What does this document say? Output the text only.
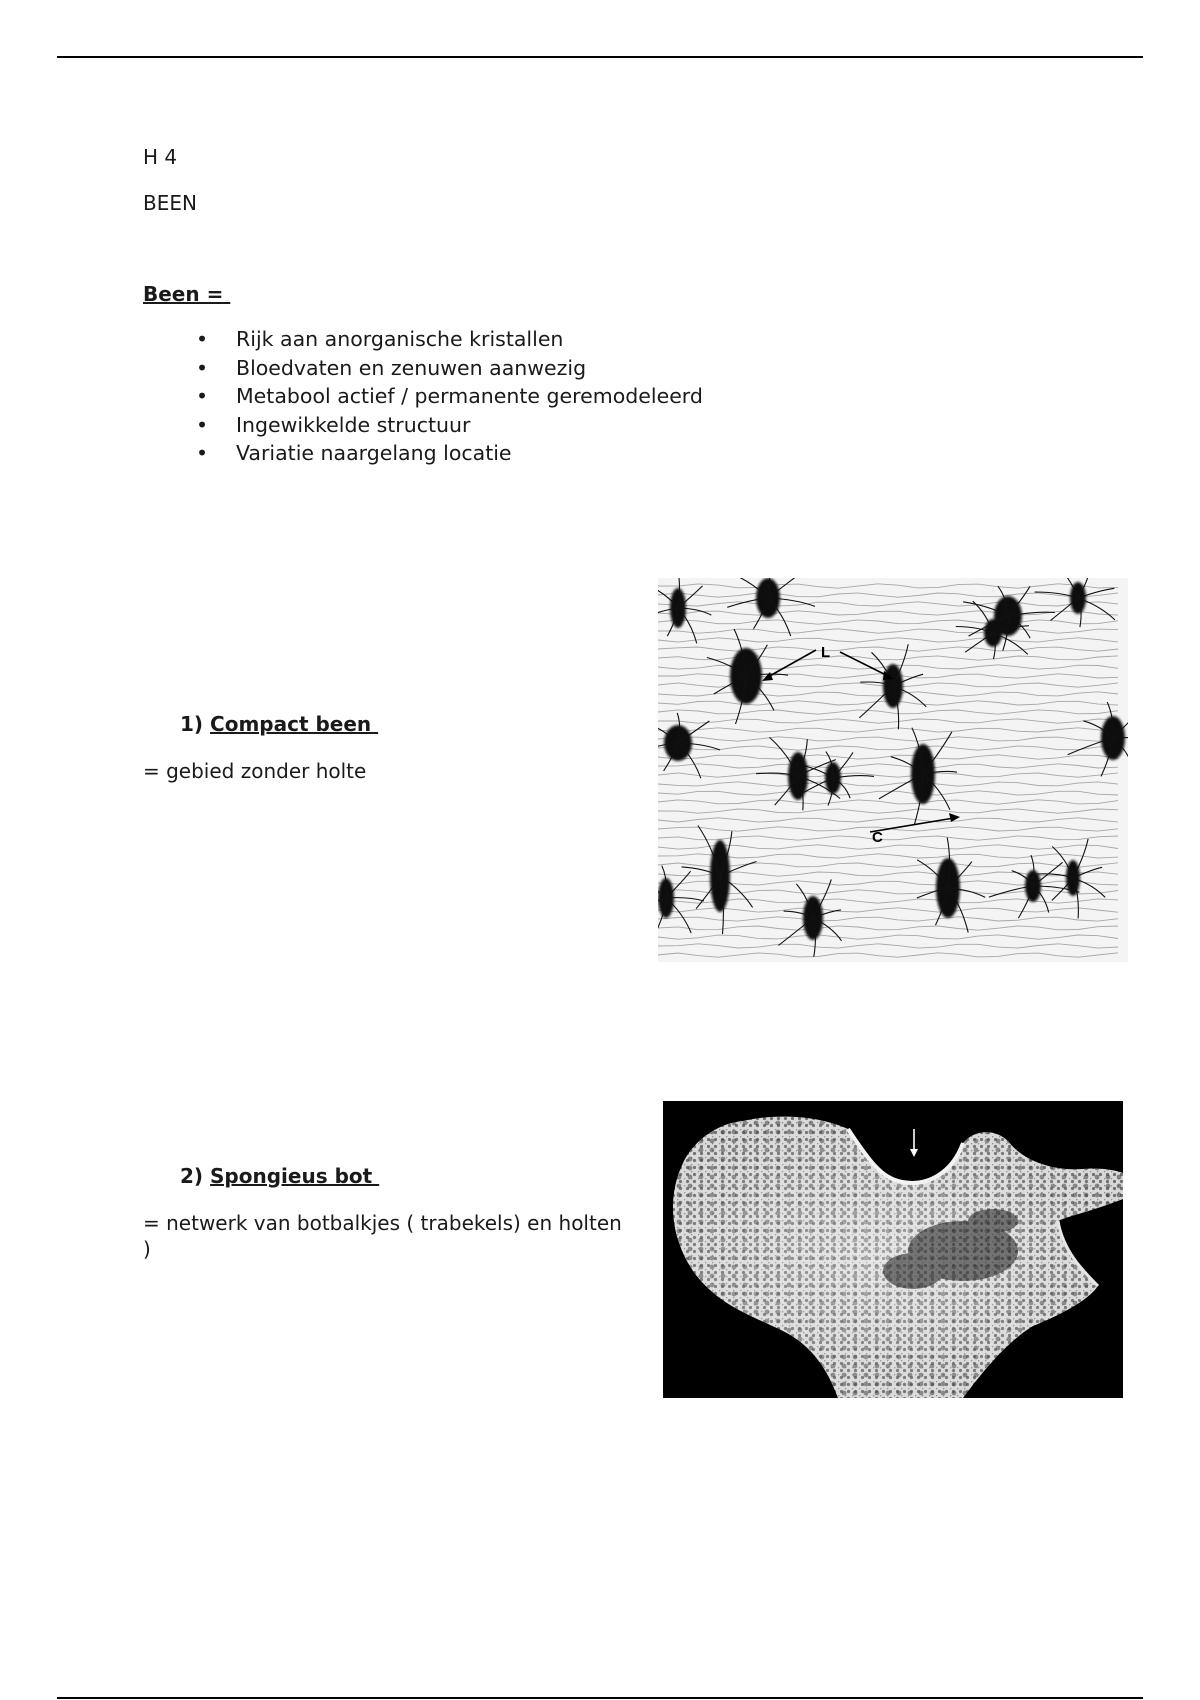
H 4
BEEN
Been =
• Rijk aan anorganische kristallen
• Bloedvaten en zenuwen aanwezig
• Metabool actief / permanente geremodeleerd
• Ingewikkelde structuur
• Variatie naargelang locatie
1) Compact been
= gebied zonder holte
L
C
2) Spongieus bot
= netwerk van botbalkjes ( trabekels) en holten )
